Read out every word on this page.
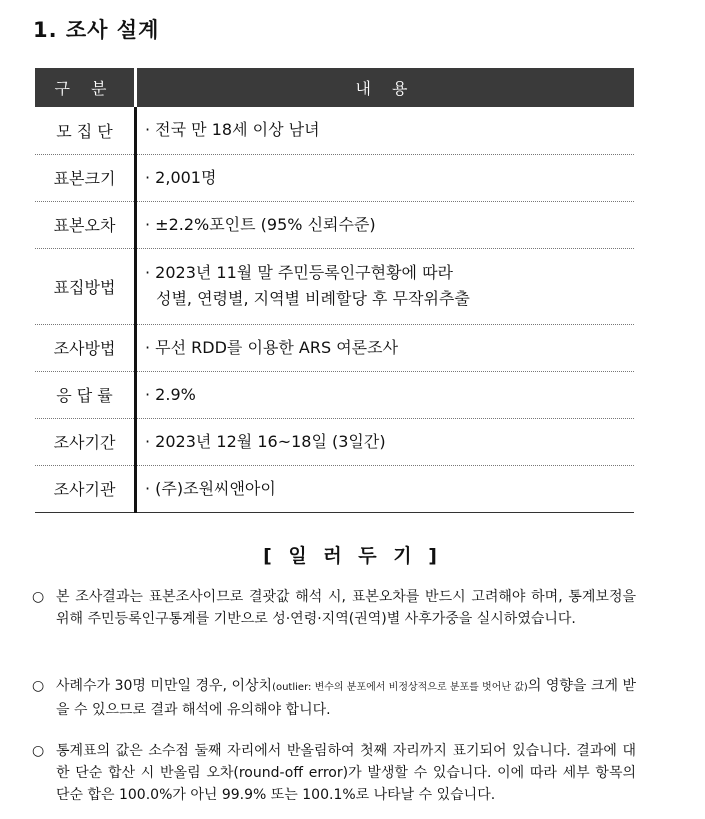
1. 조사 설계
구 분	내 용
모 집 단	· 전국 만 18세 이상 남녀
표본크기	· 2,001명
표본오차	· ±2.2%포인트 (95% 신뢰수준)
표집방법	· 2023년 11월 말 주민등록인구현황에 따라
성별, 연령별, 지역별 비례할당 후 무작위추출

조사방법	· 무선 RDD를 이용한 ARS 여론조사
응 답 률	· 2.9%
조사기간	· 2023년 12월 16~18일 (3일간)
조사기관	· (주)조원씨앤아이
[ 일 러 두 기 ]
○ 본 조사결과는 표본조사이므로 결괏값 해석 시, 표본오차를 반드시 고려해야 하며, 통계보정을 위해 주민등록인구통계를 기반으로 성·연령·지역(권역)별 사후가중을 실시하였습니다.
○ 사례수가 30명 미만일 경우, 이상치(outlier: 변수의 분포에서 비정상적으로 분포를 벗어난 값)의 영향을 크게 받을 수 있으므로 결과 해석에 유의해야 합니다.
○ 통계표의 값은 소수점 둘째 자리에서 반올림하여 첫째 자리까지 표기되어 있습니다. 결과에 대한 단순 합산 시 반올림 오차(round-off error)가 발생할 수 있습니다. 이에 따라 세부 항목의 단순 합은 100.0%가 아닌 99.9% 또는 100.1%로 나타날 수 있습니다.
